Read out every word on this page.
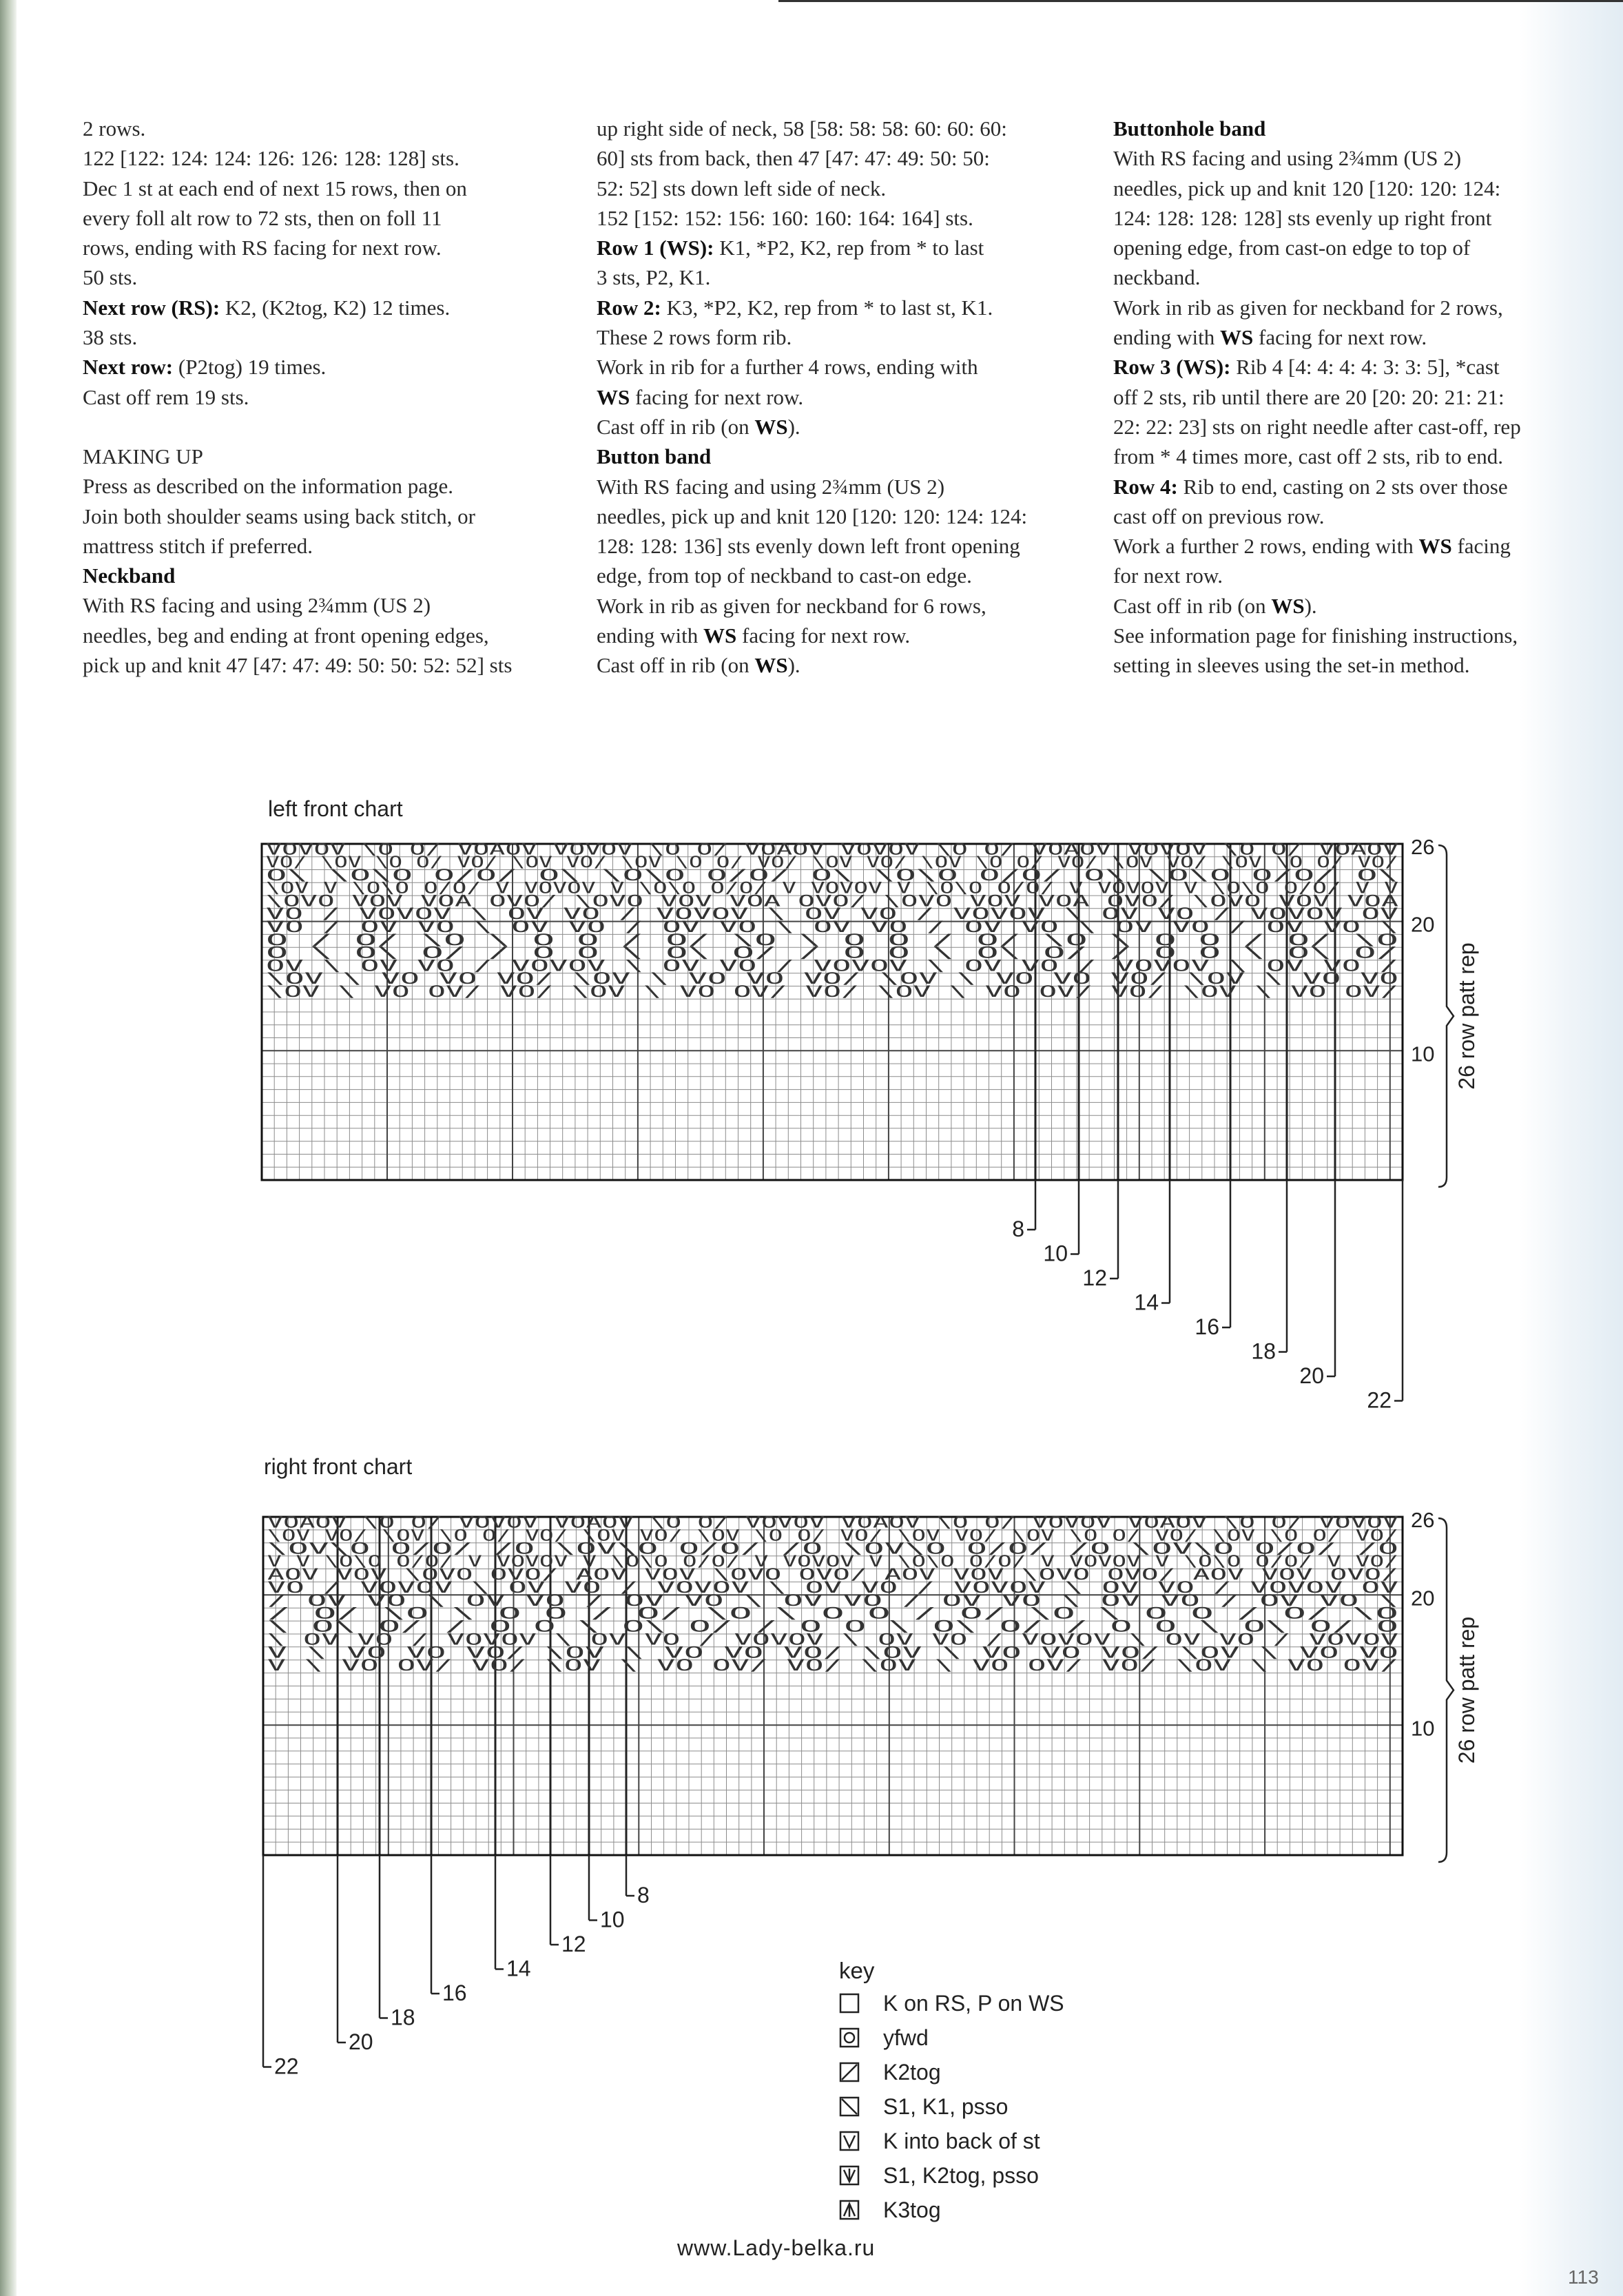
2 rows.

122 [122: 124: 124: 126: 126: 128: 128] sts.

Dec 1 st at each end of next 15 rows, then on

every foll alt row to 72 sts, then on foll 11

rows, ending with RS facing for next row.

50 sts.

Next row (RS): K2, (K2tog, K2) 12 times.

38 sts.

Next row: (P2tog) 19 times.

Cast off rem 19 sts.

MAKING UP

Press as described on the information page.

Join both shoulder seams using back stitch, or

mattress stitch if preferred.

Neckband

With RS facing and using 2¾mm (US 2)

needles, beg and ending at front opening edges,

pick up and knit 47 [47: 47: 49: 50: 50: 52: 52] sts

up right side of neck, 58 [58: 58: 58: 60: 60: 60:

60] sts from back, then 47 [47: 47: 49: 50: 50:

52: 52] sts down left side of neck.

152 [152: 152: 156: 160: 160: 164: 164] sts.

Row 1 (WS): K1, *P2, K2, rep from * to last

3 sts, P2, K1.

Row 2: K3, *P2, K2, rep from * to last st, K1.

These 2 rows form rib.

Work in rib for a further 4 rows, ending with

WS facing for next row.

Cast off in rib (on WS).

Button band

With RS facing and using 2¾mm (US 2)

needles, pick up and knit 120 [120: 120: 124: 124:

128: 128: 136] sts evenly down left front opening

edge, from top of neckband to cast-on edge.

Work in rib as given for neckband for 6 rows,

ending with WS facing for next row.

Cast off in rib (on WS).

Buttonhole band

With RS facing and using 2¾mm (US 2)

needles, pick up and knit 120 [120: 120: 124:

124: 128: 128: 128] sts evenly up right front

opening edge, from cast-on edge to top of

neckband.

Work in rib as given for neckband for 2 rows,

ending with WS facing for next row.

Row 3 (WS): Rib 4 [4: 4: 4: 4: 3: 3: 5], *cast

off 2 sts, rib until there are 20 [20: 20: 21: 21:

22: 22: 23] sts on right needle after cast-off, rep

from * 4 times more, cast off 2 sts, rib to end.

Row 4: Rib to end, casting on 2 sts over those

cast off on previous row.

Work a further 2 rows, ending with WS facing

for next row.

Cast off in rib (on WS).

See information page for finishing instructions,

setting in sleeves using the set-in method.

left front chart
right front chart
VOVOV \O O/ VOAOV VOVOV \O O/ VOAOV VOVOV \O O/ VOAOV VOVOV \O O/ VOAOV
VO/ \OV \O O/ VO/ \OV VO/ \OV \O O/ VO/ \OV VO/ \OV \O O/ VO/ \OV VO/ \OV \O O/ VO/
O\ \O\O O/O/ O\ \O\O O/O/ O\ \O\O O/O/ O\ \O\O O/O/ O\
\OV V \O\O O/O/ V VOVOV V \O\O O/O/ V VOVOV V \O\O O/O/ V VOVOV V \O\O O/O/ V V
\OVO VOV VOA OVO/ \OVO VOV VOA OVO/ \OVO VOV VOA OVO/ \OVO VOV VOA
VO / VOVOV \ OV VO / VOVOV \ OV VO / VOVOV \ OV VO / VOVOV OV
VO / OV VO \ OV VO / OV VO \ OV VO / OV VO \ OV VO / OV VO \
O / O/ \O \ O O / O/ \O \ O O / O/ \O \ O O / O/ \O
O \ O\ O/ / O O \ O\ O/ / O O \ O\ O/ / O O \ O\ O/
OV \ OV VO / VOVOV \ OV VO / VOVOV \ OV VO / VOVOV \ OV VO /
\OV \ VO VO VO/ \OV \ VO VO VO/ \OV \ VO VO VO/ \OV \ VO VO
\OV \ VO OV/ VO/ \OV \ VO OV/ VO/ \OV \ VO OV/ VO/ \OV \ VO OV/
26
20
10 26 row patt rep
8
10
12
14
16
18
20
22
VOAOV \O O/ VOVOV VOAOV \O O/ VOVOV VOAOV \O O/ VOVOV VOAOV \O O/ VOVOV
\OV VO/ \OV \O O/ VO/ \OV VO/ \OV \O O/ VO/ \OV VO/ \OV \O O/ VO/ \OV \O O/ VO/
\OV\O O/O/ /O \OV\O O/O/ /O \OV\O O/O/ /O \OV\O O/O/ /O
V V \O\O O/O/ V VOVOV V \O\O O/O/ V VOVOV V \O\O O/O/ V VOVOV V \O\O O/O/ V VO/
AOV VOV \OVO OVO/ AOV VOV \OVO OVO/ AOV VOV \OVO OVO/ AOV VOV OVO/
VO / VOVOV \ OV VO / VOVOV \ OV VO / VOVOV \ OV VO / VOVOV OV
/ OV VO \ OV VO / OV VO \ OV VO / OV VO \ OV VO / OV VO \
/ O/ \O \ O O / O/ \O \ O O / O/ \O \ O O / O/ \O
\ O\ O/ / O O \ O\ O/ / O O \ O\ O/ / O O \ O\ O/ O
\ OV VO / VOVOV \ OV VO / VOVOV \ OV VO / VOVOV \ OV VO / VOVOV
V \ VO VO VO/ \OV \ VO VO VO/ \OV \ VO VO VO/ \OV \ VO VO
V \ VO OV/ VO/ \OV \ VO OV/ VO/ \OV \ VO OV/ VO/ \OV \ VO OV/
26
20
10 26 row patt rep
8
10
12
14
16
18
20
22
key
K on RS, P on WS
yfwd
K2tog
S1, K1, psso
K into back of st
S1, K2tog, psso
K3tog
www.Lady-belka.ru
113
